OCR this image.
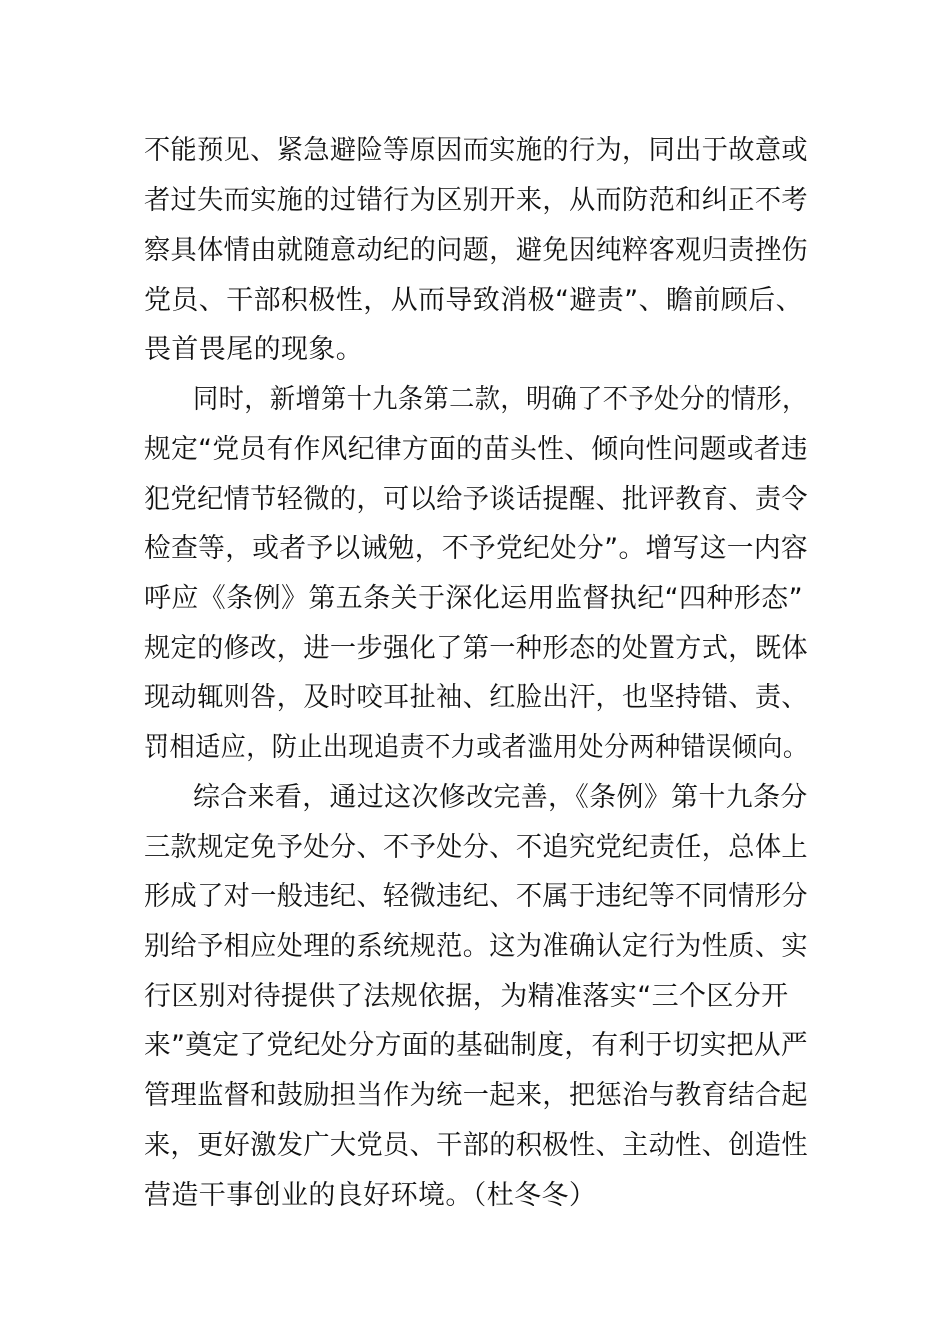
不能预见、紧急避险等原因而实施的行为，同出于故意或
者过失而实施的过错行为区别开来，从而防范和纠正不考
察具体情由就随意动纪的问题，避免因纯粹客观归责挫伤
党员、干部积极性，从而导致消极“避责”、瞻前顾后、
畏首畏尾的现象。
同时，新增第十九条第二款，明确了不予处分的情形，
规定“党员有作风纪律方面的苗头性、倾向性问题或者违
犯党纪情节轻微的，可以给予谈话提醒、批评教育、责令
检查等，或者予以诫勉，不予党纪处分”。增写这一内容
呼应《条例》第五条关于深化运用监督执纪“四种形态”
规定的修改，进一步强化了第一种形态的处置方式，既体
现动辄则咎，及时咬耳扯袖、红脸出汗，也坚持错、责、
罚相适应，防止出现追责不力或者滥用处分两种错误倾向。
综合来看，通过这次修改完善，《条例》第十九条分
三款规定免予处分、不予处分、不追究党纪责任，总体上
形成了对一般违纪、轻微违纪、不属于违纪等不同情形分
别给予相应处理的系统规范。这为准确认定行为性质、实
行区别对待提供了法规依据，为精准落实“三个区分开
来”奠定了党纪处分方面的基础制度，有利于切实把从严
管理监督和鼓励担当作为统一起来，把惩治与教育结合起
来，更好激发广大党员、干部的积极性、主动性、创造性
营造干事创业的良好环境。（杜冬冬）
